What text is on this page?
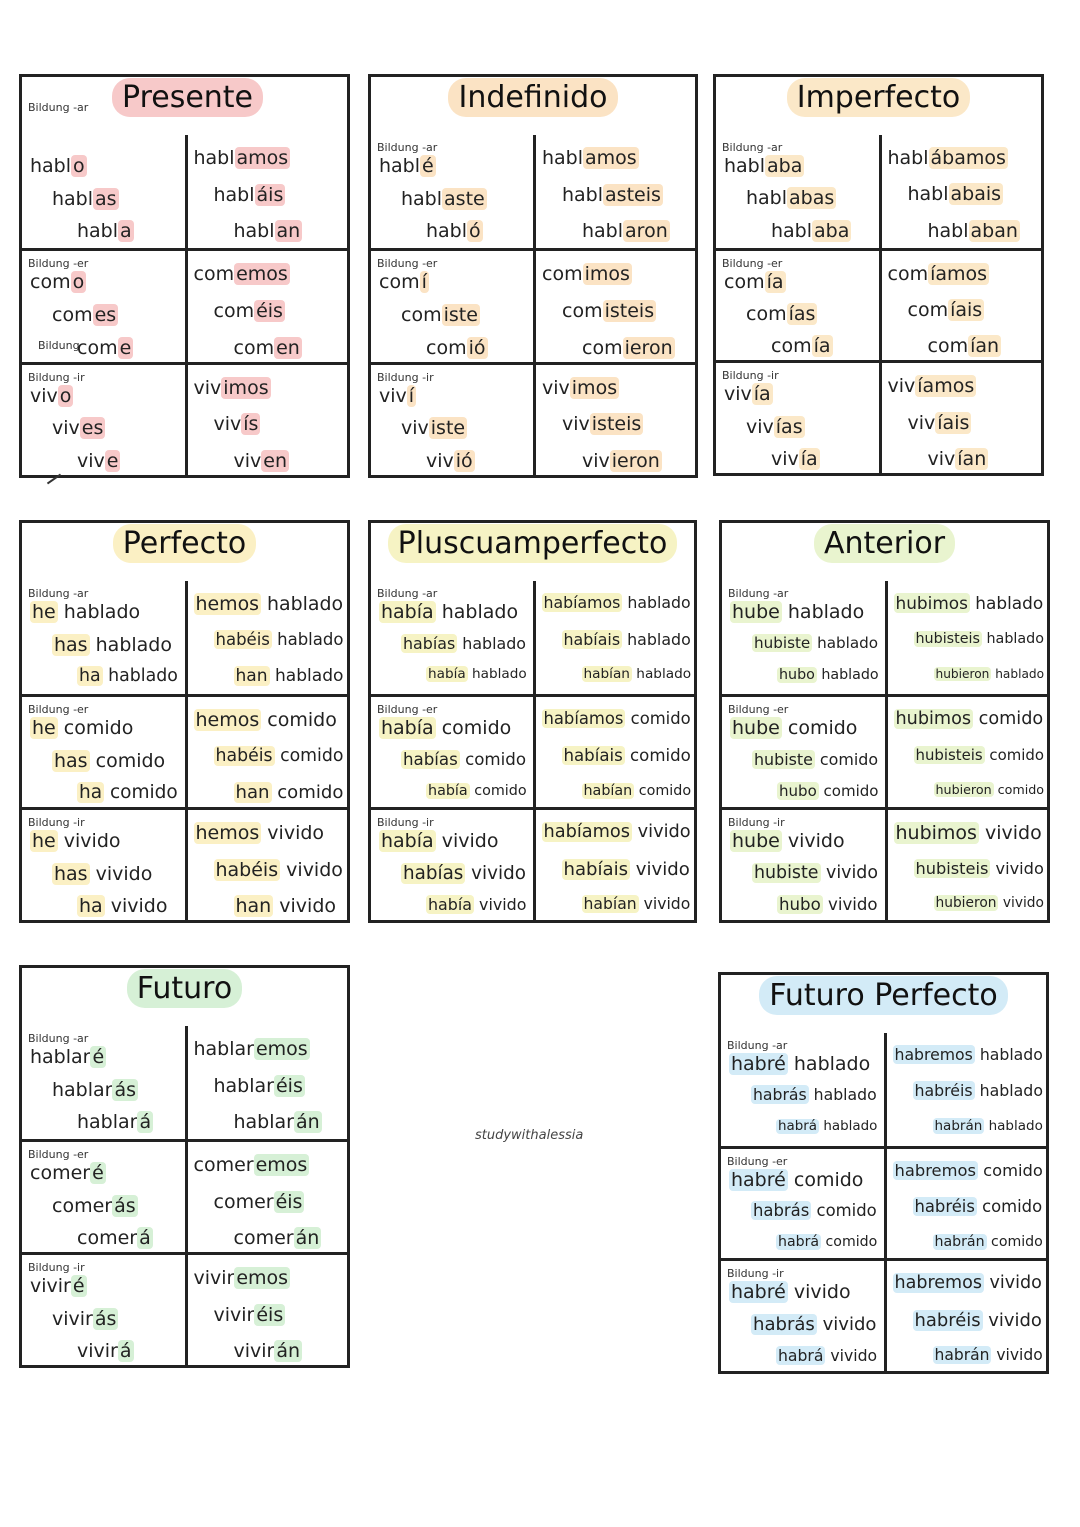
Presente
Bildung -ar
habl o
habl as
habl a
habl amos
habl áis
habl an
Bildung -er
Bildung
com o
com es
com e
com emos
com éis
com en
Bildung -ir
viv o
viv es
viv e
viv imos
viv ís
viv en
Indefinido
Bildung -ar
habl é
habl aste
habl ó
habl amos
habl asteis
habl aron
Bildung -er
com í
com iste
com ió
com imos
com isteis
com ieron
Bildung -ir
viv í
viv iste
viv ió
viv imos
viv isteis
viv ieron
Imperfecto
Bildung -ar
habl aba
habl abas
habl aba
habl ábamos
habl abais
habl aban
Bildung -er
com ía
com ías
com ía
com íamos
com íais
com ían
Bildung -ir
viv ía
viv ías
viv ía
viv íamos
viv íais
viv ían
Perfecto
Bildung -ar
he hablado
has hablado
ha hablado
hemos hablado
habéis hablado
han hablado
Bildung -er
he comido
has comido
ha comido
hemos comido
habéis comido
han comido
Bildung -ir
he vivido
has vivido
ha vivido
hemos vivido
habéis vivido
han vivido
Pluscuamperfecto
Bildung -ar
había hablado
habías hablado
había hablado
habíamos hablado
habíais hablado
habían hablado
Bildung -er
había comido
habías comido
había comido
habíamos comido
habíais comido
habían comido
Bildung -ir
había vivido
habías vivido
había vivido
habíamos vivido
habíais vivido
habían vivido
Anterior
Bildung -ar
hube hablado
hubiste hablado
hubo hablado
hubimos hablado
hubisteis hablado
hubieron hablado
Bildung -er
hube comido
hubiste comido
hubo comido
hubimos comido
hubisteis comido
hubieron comido
Bildung -ir
hube vivido
hubiste vivido
hubo vivido
hubimos vivido
hubisteis vivido
hubieron vivido
Futuro
Bildung -ar
hablar é
hablar ás
hablar á
hablar emos
hablar éis
hablar án
Bildung -er
comer é
comer ás
comer á
comer emos
comer éis
comer án
Bildung -ir
vivir é
vivir ás
vivir á
vivir emos
vivir éis
vivir án
Futuro Perfecto
Bildung -ar
habré hablado
habrás hablado
habrá hablado
habremos hablado
habréis hablado
habrán hablado
Bildung -er
habré comido
habrás comido
habrá comido
habremos comido
habréis comido
habrán comido
Bildung -ir
habré vivido
habrás vivido
habrá vivido
habremos vivido
habréis vivido
habrán vivido
studywithalessia
